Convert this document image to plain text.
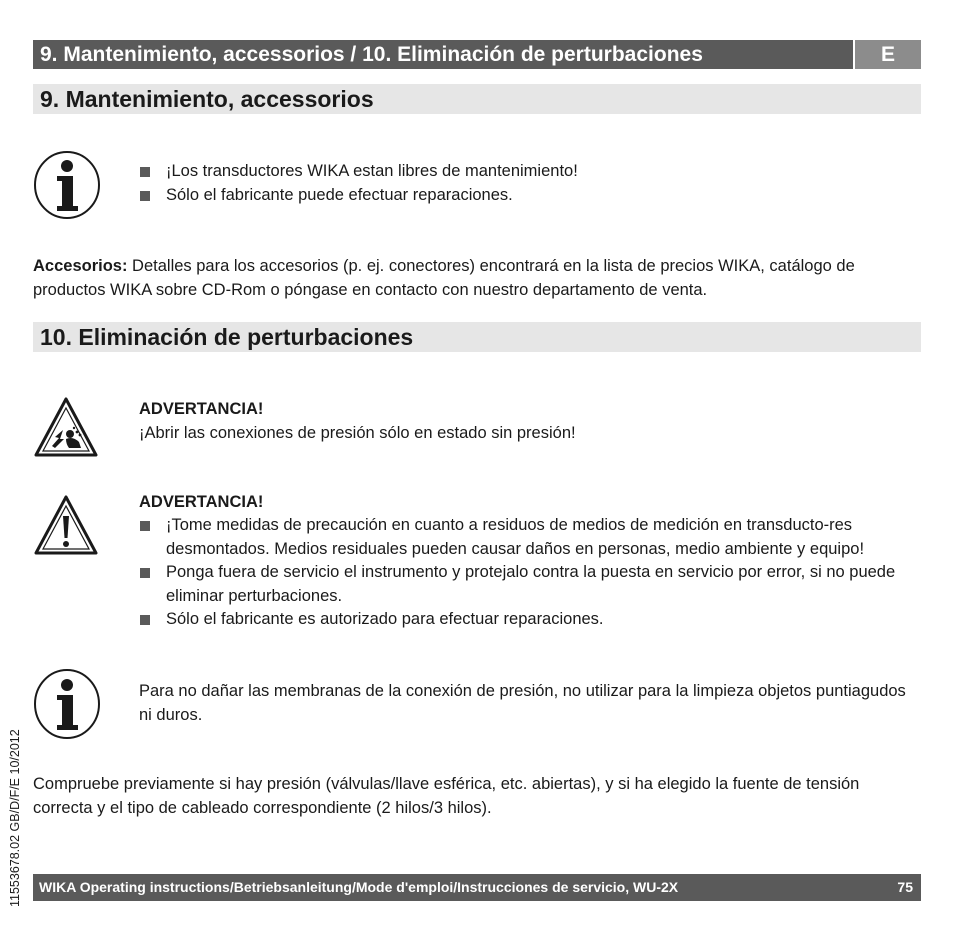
9. Mantenimiento, accessorios / 10. Eliminación de perturbaciones	E
9. Mantenimiento, accessorios
¡Los transductores WIKA estan libres de mantenimiento!
Sólo el fabricante puede efectuar reparaciones.
Accesorios: Detalles para los accesorios (p. ej. conectores) encontrará en la lista de precios WIKA, catálogo de productos WIKA sobre CD-Rom o póngase en contacto con nuestro departamento de venta.
10. Eliminación de perturbaciones
ADVERTANCIA!
¡Abrir las conexiones de presión sólo en estado sin presión!
ADVERTANCIA!
¡Tome medidas de precaución en cuanto a residuos de medios de medición en transducto-res desmontados. Medios residuales pueden causar daños en personas, medio ambiente y equipo!
Ponga fuera de servicio el instrumento y protejalo contra la puesta en servicio por error, si no puede eliminar perturbaciones.
Sólo el fabricante es autorizado para efectuar reparaciones.
Para no dañar las membranas de la conexión de presión, no utilizar para la limpieza objetos puntiagudos ni duros.
Compruebe previamente si hay presión (válvulas/llave esférica, etc. abiertas), y si ha elegido la fuente de tensión correcta y el tipo de cableado correspondiente (2 hilos/3 hilos).
11553678.02 GB/D/F/E 10/2012 WIKA Operating instructions/Betriebsanleitung/Mode d'emploi/Instrucciones de servicio, WU-2X	75
